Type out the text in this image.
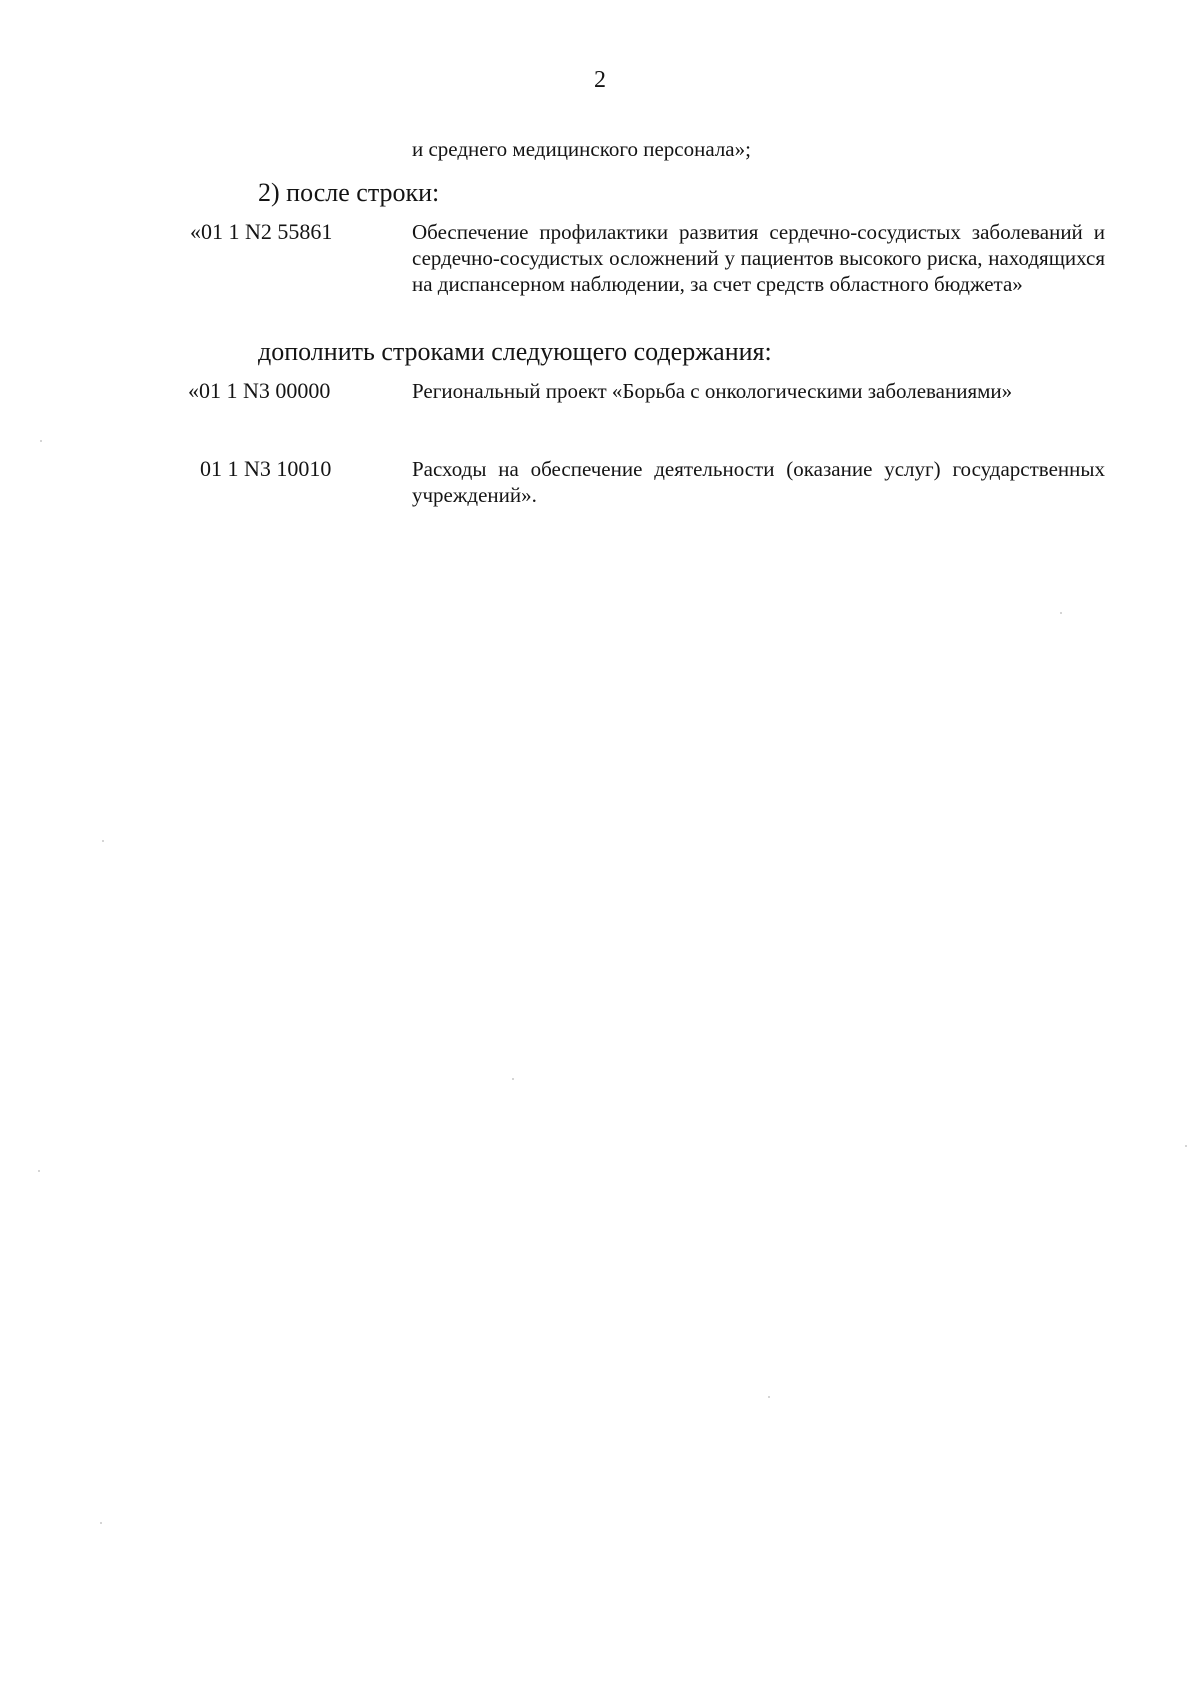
2
и среднего медицинского персонала»;
2) после строки:
«01 1 N2 55861	Обеспечение профилактики развития сердечно-сосудистых заболеваний и сердечно-сосудистых осложнений у пациентов высокого риска, находящихся на диспансерном наблюдении, за счет средств областного бюджета»
дополнить строками следующего содержания:
«01 1 N3 00000	Региональный проект «Борьба с онкологическими заболеваниями»
01 1 N3 10010	Расходы на обеспечение деятельности (оказание услуг) государственных учреждений».
